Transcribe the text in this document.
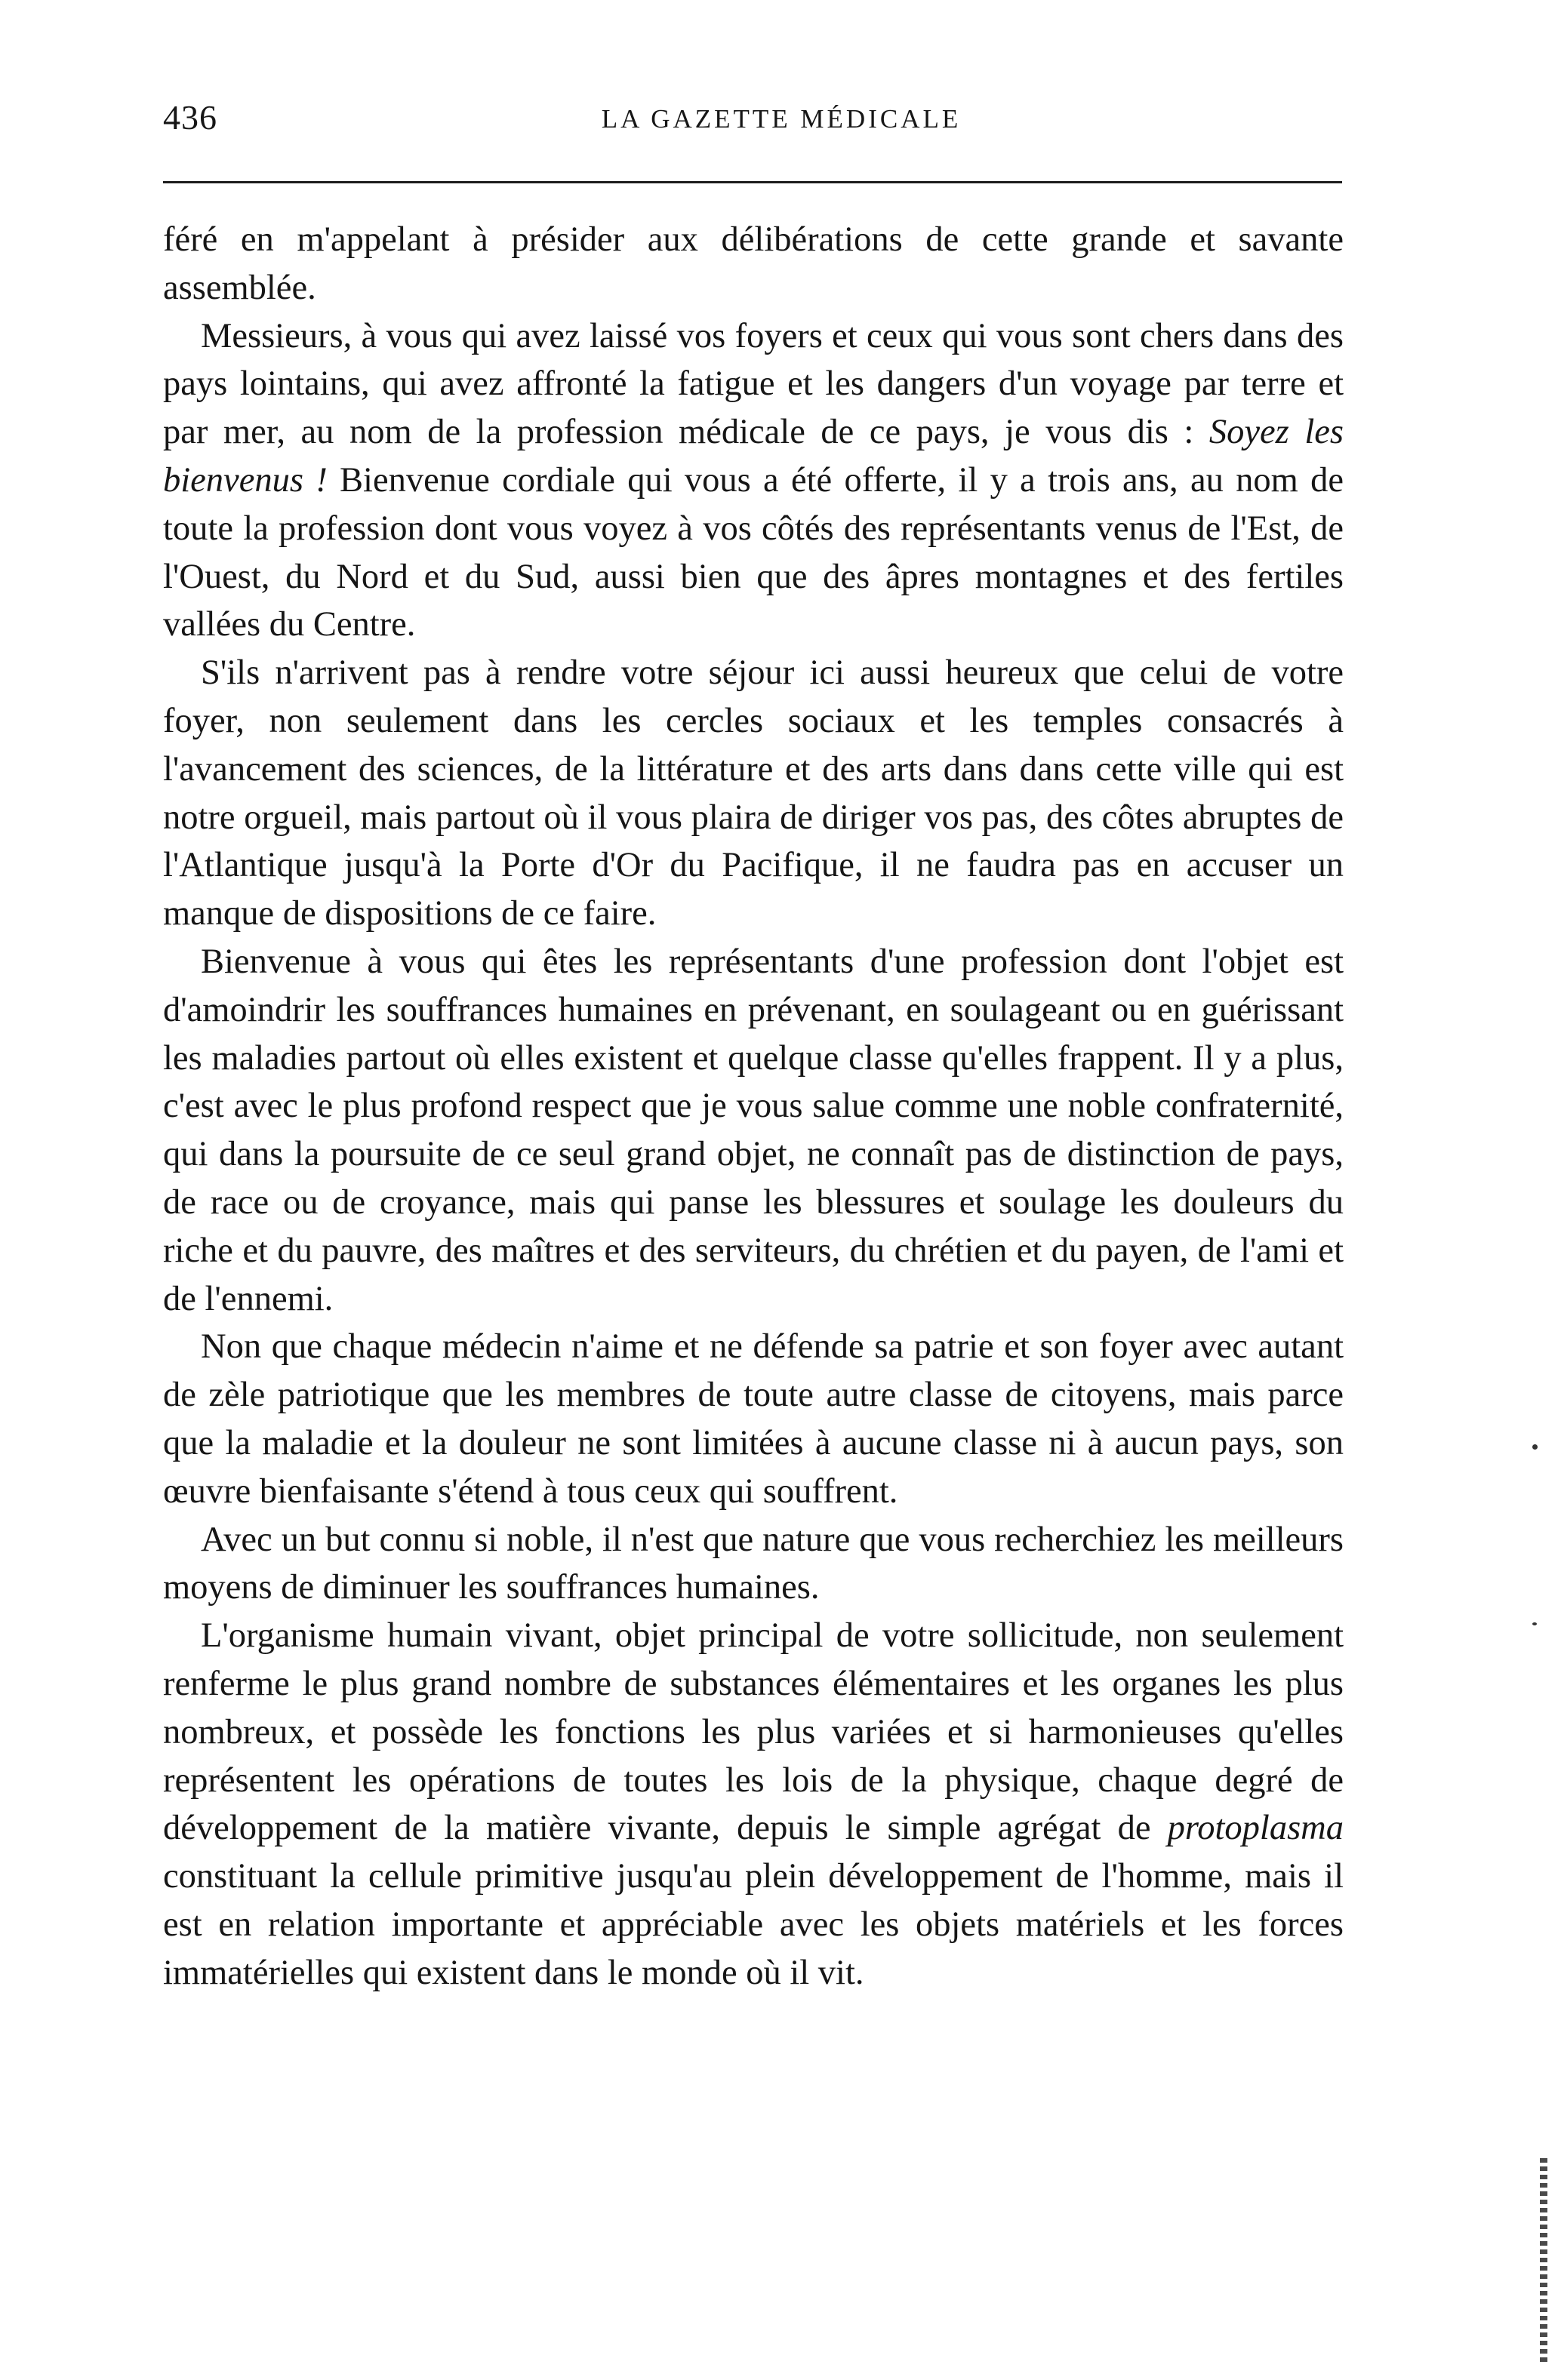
436	LA GAZETTE MÉDICALE

féré en m'appelant à présider aux délibérations de cette grande et savante assemblée.

Messieurs, à vous qui avez laissé vos foyers et ceux qui vous sont chers dans des pays lointains, qui avez affronté la fatigue et les dangers d'un voyage par terre et par mer, au nom de la profession médicale de ce pays, je vous dis : Soyez les bienvenus ! Bienvenue cordiale qui vous a été offerte, il y a trois ans, au nom de toute la profession dont vous voyez à vos côtés des représentants venus de l'Est, de l'Ouest, du Nord et du Sud, aussi bien que des âpres montagnes et des fertiles vallées du Centre.

S'ils n'arrivent pas à rendre votre séjour ici aussi heureux que celui de votre foyer, non seulement dans les cercles sociaux et les temples consacrés à l'avancement des sciences, de la littérature et des arts dans dans cette ville qui est notre orgueil, mais partout où il vous plaira de diriger vos pas, des côtes abruptes de l'Atlantique jusqu'à la Porte d'Or du Pacifique, il ne faudra pas en accuser un manque de dispositions de ce faire.

Bienvenue à vous qui êtes les représentants d'une profession dont l'objet est d'amoindrir les souffrances humaines en prévenant, en soulageant ou en guérissant les maladies partout où elles existent et quelque classe qu'elles frappent. Il y a plus, c'est avec le plus profond respect que je vous salue comme une noble confraternité, qui dans la poursuite de ce seul grand objet, ne connaît pas de distinction de pays, de race ou de croyance, mais qui panse les blessures et soulage les douleurs du riche et du pauvre, des maîtres et des serviteurs, du chrétien et du payen, de l'ami et de l'ennemi.

Non que chaque médecin n'aime et ne défende sa patrie et son foyer avec autant de zèle patriotique que les membres de toute autre classe de citoyens, mais parce que la maladie et la douleur ne sont limitées à aucune classe ni à aucun pays, son œuvre bienfaisante s'étend à tous ceux qui souffrent.

Avec un but connu si noble, il n'est que nature que vous recherchiez les meilleurs moyens de diminuer les souffrances humaines.

L'organisme humain vivant, objet principal de votre sollicitude, non seulement renferme le plus grand nombre de substances élémentaires et les organes les plus nombreux, et possède les fonctions les plus variées et si harmonieuses qu'elles représentent les opérations de toutes les lois de la physique, chaque degré de développement de la matière vivante, depuis le simple agrégat de protoplasma constituant la cellule primitive jusqu'au plein développement de l'homme, mais il est en relation importante et appréciable avec les objets matériels et les forces immatérielles qui existent dans le monde où il vit.
